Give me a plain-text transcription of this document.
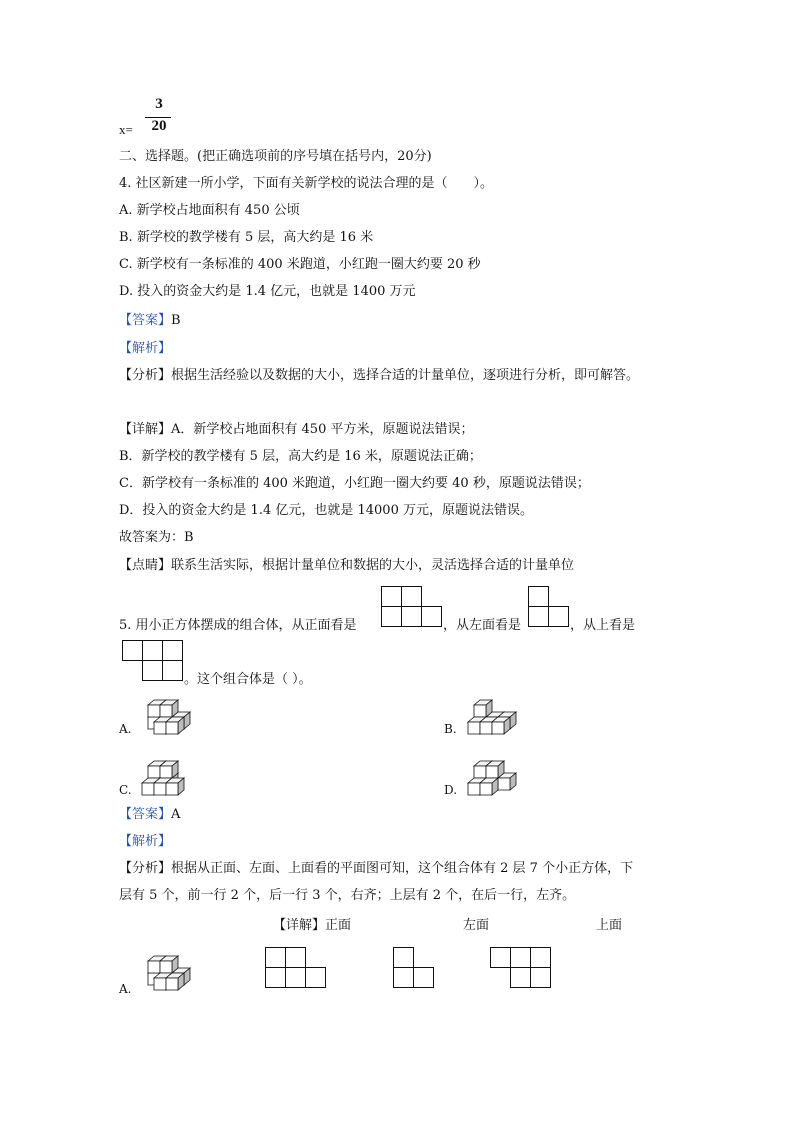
x=
3
20
二、选择题。(把正确选项前的序号填在括号内，20分)
4. 社区新建一所小学，下面有关新学校的说法合理的是（　　）。
A. 新学校占地面积有 450 公顷
B. 新学校的教学楼有 5 层，高大约是 16 米
C. 新学校有一条标准的 400 米跑道，小红跑一圈大约要 20 秒
D. 投入的资金大约是 1.4 亿元，也就是 1400 万元
【答案】B
【解析】
【分析】根据生活经验以及数据的大小，选择合适的计量单位，逐项进行分析，即可解答。
【详解】A．新学校占地面积有 450 平方米，原题说法错误；
B．新学校的教学楼有 5 层，高大约是 16 米，原题说法正确；
C．新学校有一条标准的 400 米跑道，小红跑一圈大约要 40 秒，原题说法错误；
D．投入的资金大约是 1.4 亿元，也就是 14000 万元，原题说法错误。
故答案为：B
【点睛】联系生活实际，根据计量单位和数据的大小，灵活选择合适的计量单位
5. 用小正方体摆成的组合体，从正面看是	，从左面看是	，从上看是
。这个组合体是（ ）。
A.	B.
C.	D.
【答案】A
【解析】
【分析】根据从正面、左面、上面看的平面图可知，这个组合体有 2 层 7 个小正方体，下
层有 5 个，前一行 2 个，后一行 3 个，右齐；上层有 2 个，在后一行，左齐。
【详解】正面	左面	上面
A.
